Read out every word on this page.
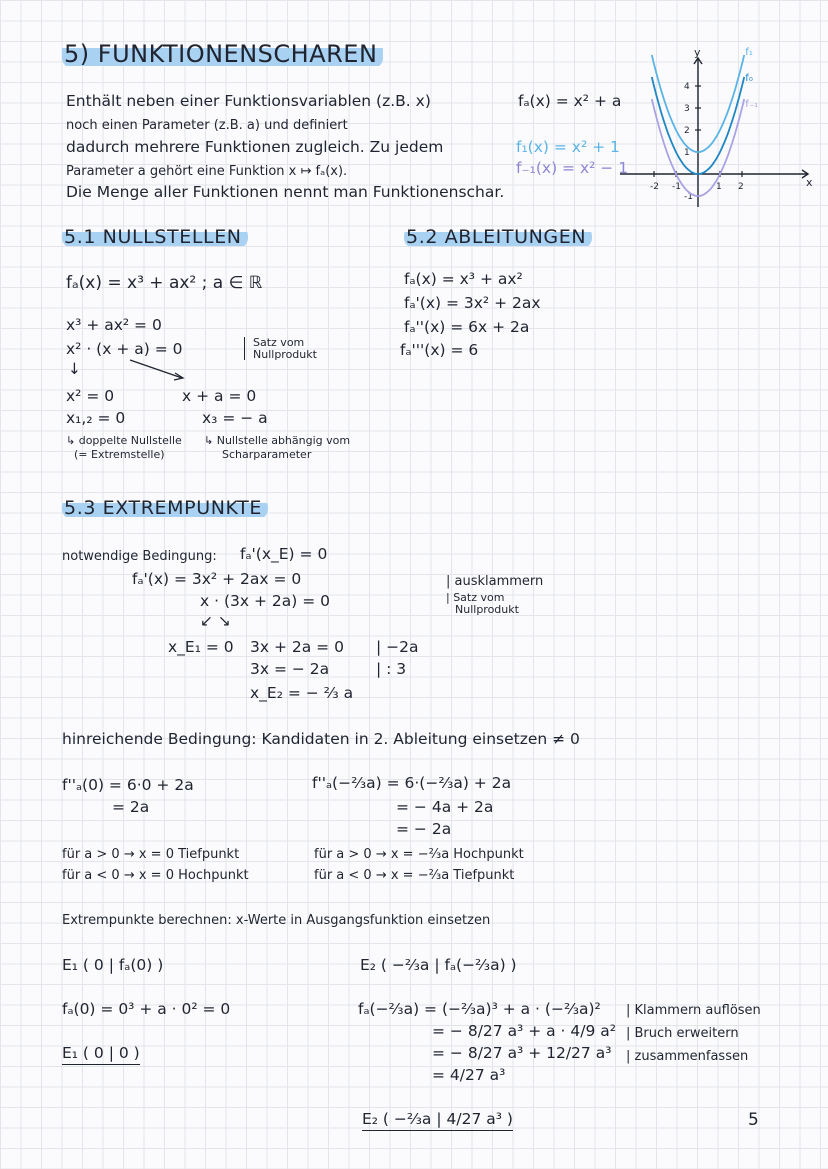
5) FUNKTIONENSCHAREN
Enthält neben einer Funktionsvariablen (z.B. x)
noch einen Parameter (z.B. a) und definiert
dadurch mehrere Funktionen zugleich. Zu jedem
Parameter a gehört eine Funktion x ↦ fₐ(x).
Die Menge aller Funktionen nennt man Funktionenschar.
fₐ(x) = x² + a
f₁(x) = x² + 1
f₋₁(x) = x² − 1
x
y
-2 -1	1 2
-1
1
2
3
4
f₁
f₀
f₋₁
5.1 NULLSTELLEN
fₐ(x) = x³ + ax² ; a ∈ ℝ
x³ + ax² = 0
x² · (x + a) = 0	Satz vom
Nullprodukt
↓
x² = 0
x₁,₂ = 0
↳ doppelte Nullstelle
(= Extremstelle)
x + a = 0
x₃ = − a
↳ Nullstelle abhängig vom
Scharparameter
5.2 ABLEITUNGEN
fₐ(x) = x³ + ax²
fₐ'(x) = 3x² + 2ax
fₐ''(x) = 6x + 2a
fₐ'''(x) = 6
5.3 EXTREMPUNKTE
notwendige Bedingung: fₐ'(x_E) = 0
fₐ'(x) = 3x² + 2ax = 0
x · (3x + 2a) = 0
| ausklammern
| Satz vom
Nullprodukt
↙ ↘
x_E₁ = 0 3x + 2a = 0 | −2a
3x = − 2a	| : 3
x_E₂ = − ⅔ a
hinreichende Bedingung: Kandidaten in 2. Ableitung einsetzen ≠ 0
f''ₐ(0) = 6·0 + 2a
= 2a
f''ₐ(−⅔a) = 6·(−⅔a) + 2a
= − 4a + 2a
= − 2a
für a > 0 → x = 0 Tiefpunkt
für a < 0 → x = 0 Hochpunkt
für a > 0 → x = −⅔a Hochpunkt
für a < 0 → x = −⅔a Tiefpunkt
Extrempunkte berechnen: x-Werte in Ausgangsfunktion einsetzen
E₁ ( 0 | fₐ(0) )
fₐ(0) = 0³ + a · 0² = 0
E₁ ( 0 | 0 )
E₂ ( −⅔a | fₐ(−⅔a) )
fₐ(−⅔a) = (−⅔a)³ + a · (−⅔a)²
= − 8/27 a³ + a · 4/9 a²
= − 8/27 a³ + 12/27 a³
= 4/27 a³
| Klammern auflösen
| Bruch erweitern
| zusammenfassen
E₂ ( −⅔a | 4/27 a³ )	5
